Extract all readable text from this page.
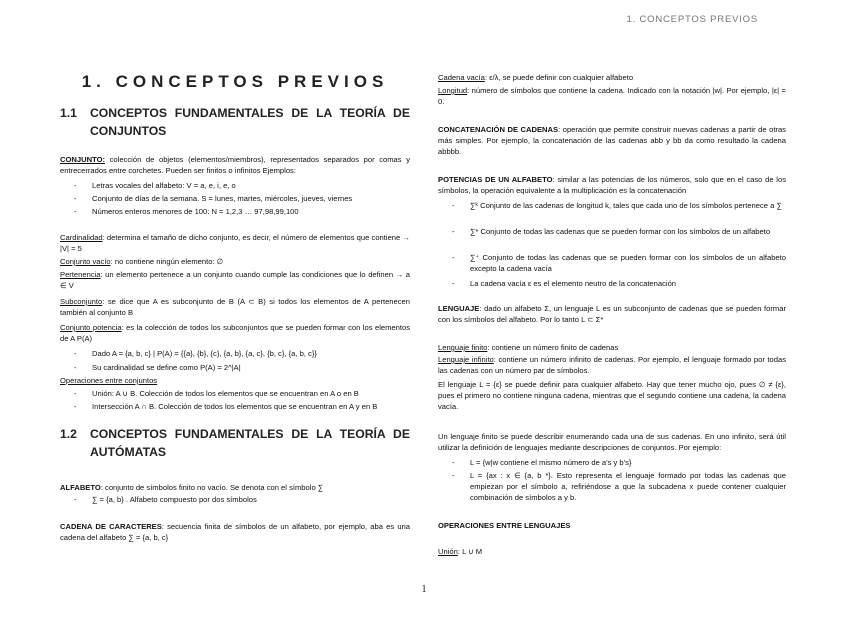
1. CONCEPTOS PREVIOS
1. CONCEPTOS PREVIOS
1.1	CONCEPTOS FUNDAMENTALES DE LA TEORÍA DE CONJUNTOS
CONJUNTO: colección de objetos (elementos/miembros), representados separados por comas y entrecerrados entre corchetes. Pueden ser finitos o infinitos Ejemplos:
-	Letras vocales del alfabeto: V = a, e, i, e, o
-	Conjunto de días de la semana. S = lunes, martes, miércoles, jueves, viernes
-	Números enteros menores de 100: N = 1,2,3 … 97,98,99,100
Cardinalidad: determina el tamaño de dicho conjunto, es decir, el número de elementos que contiene → |V| = 5
Conjunto vacío: no contiene ningún elemento: ∅
Pertenencia: un elemento pertenece a un conjunto cuando cumple las condiciones que lo definen → a ∈ V
Subconjunto: se dice que A es subconjunto de B (A ⊂ B) si todos los elementos de A pertenecen también al conjunto B
Conjunto potencia: es la colección de todos los subconjuntos que se pueden formar con los elementos de A P(A)
-	Dado A = {a, b, c} | P(A) = {{a}, {b}, {c}, {a, b}, {a, c}, {b, c}, {a, b, c}}
-	Su cardinalidad se define como P(A) = 2^|A|
Operaciones entre conjuntos
-	Unión: A ∪ B. Colección de todos los elementos que se encuentran en A o en B
-	Intersección A ∩ B. Colección de todos los elementos que se encuentran en A y en B
1.2	CONCEPTOS FUNDAMENTALES DE LA TEORÍA DE AUTÓMATAS
ALFABETO: conjunto de símbolos finito no vacío. Se denota con el símbolo ∑
-	∑ = {a, b} . Alfabeto compuesto por dos símbolos
CADENA DE CARACTERES: secuencia finita de símbolos de un alfabeto, por ejemplo, aba es una cadena del alfabeto ∑ = {a, b, c}
Cadena vacía: ε/λ, se puede definir con cualquier alfabeto
Longitud: número de símbolos que contiene la cadena. Indicado con la notación |w|. Por ejemplo, |ε| = 0.
CONCATENACIÓN DE CADENAS: operación que permite construir nuevas cadenas a partir de otras más simples. Por ejemplo, la concatenación de las cadenas abb y bb da como resultado la cadena abbbb.
POTENCIAS DE UN ALFABETO: similar a las potencias de los números, solo que en el caso de los símbolos, la operación equivalente a la multiplicación es la concatenación
-	∑ᵏ Conjunto de las cadenas de longitud k, tales que cada uno de los símbolos pertenece a ∑
-	∑* Conjunto de todas las cadenas que se pueden formar con los símbolos de un alfabeto
-	∑⁺ Conjunto de todas las cadenas que se pueden formar con los símbolos de un alfabeto excepto la cadena vacía
-	La cadena vacía ε es el elemento neutro de la concatenación
LENGUAJE: dado un alfabeto Σ, un lenguaje L es un subconjunto de cadenas que se pueden formar con los símbolos del alfabeto. Por lo tanto L ⊂ Σ*
Lenguaje finito: contiene un número finito de cadenas
Lenguaje infinito: contiene un número infinito de cadenas. Por ejemplo, el lenguaje formado por todas las cadenas con un número par de símbolos.
El lenguaje L = {ε} se puede definir para cualquier alfabeto. Hay que tener mucho ojo, pues ∅ ≠ {ε}, pues el primero no contiene ninguna cadena, mientras que el segundo contiene una cadena, la cadena vacía.
Un lenguaje finito se puede describir enumerando cada una de sus cadenas. En uno infinito, será útil utilizar la definición de lenguajes mediante descripciones de conjuntos. Por ejemplo:
-	L = {w|w contiene el mismo número de a's y b's}
-	L = {ax : x ∈ {a, b *}. Esto representa el lenguaje formado por todas las cadenas que empiezan por el símbolo a, refiriéndose a que la subcadena x puede contener cualquier combinación de símbolos a y b.
OPERACIONES ENTRE LENGUAJES
Unión: L ∪ M
1
